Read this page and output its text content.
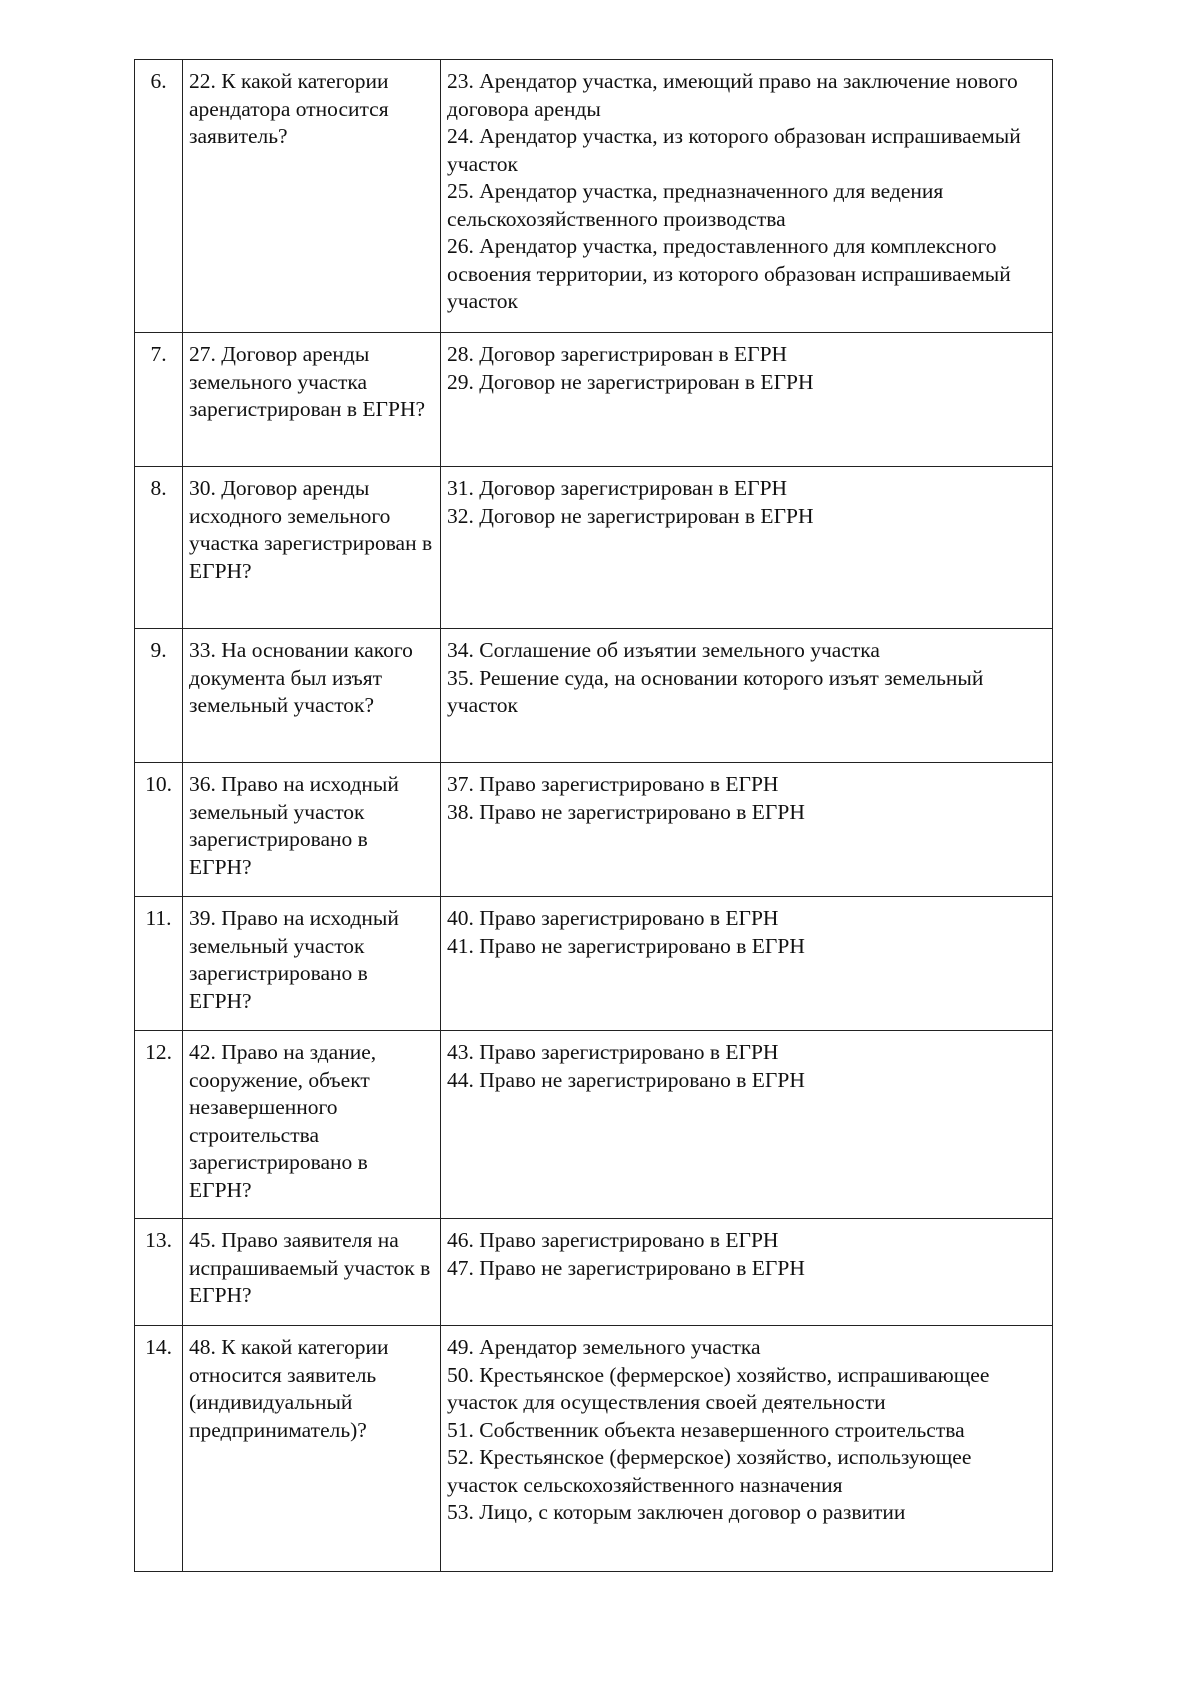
6.	22. К какой категории арендатора относится заявитель?	23. Арендатор участка, имеющий право на заключение нового договора аренды
24. Арендатор участка, из которого образован испрашиваемый участок
25. Арендатор участка, предназначенного для ведения сельскохозяйственного производства
26. Арендатор участка, предоставленного для комплексного освоения территории, из которого образован испрашиваемый участок

7.	27. Договор аренды земельного участка зарегистрирован в ЕГРН?	28. Договор зарегистрирован в ЕГРН
29. Договор не зарегистрирован в ЕГРН

8.	30. Договор аренды исходного земельного участка зарегистрирован в ЕГРН?	31. Договор зарегистрирован в ЕГРН
32. Договор не зарегистрирован в ЕГРН

9.	33. На основании какого документа был изъят земельный участок?	34. Соглашение об изъятии земельного участка
35. Решение суда, на основании которого изъят земельный участок

10.	36. Право на исходный земельный участок зарегистрировано в ЕГРН?	37. Право зарегистрировано в ЕГРН
38. Право не зарегистрировано в ЕГРН

11.	39. Право на исходный земельный участок зарегистрировано в ЕГРН?	40. Право зарегистрировано в ЕГРН
41. Право не зарегистрировано в ЕГРН

12.	42. Право на здание, сооружение, объект незавершенного строительства зарегистрировано в ЕГРН?	43. Право зарегистрировано в ЕГРН
44. Право не зарегистрировано в ЕГРН

13.	45. Право заявителя на испрашиваемый участок в ЕГРН?	46. Право зарегистрировано в ЕГРН
47. Право не зарегистрировано в ЕГРН

14.	48. К какой категории относится заявитель (индивидуальный предприниматель)?	49. Арендатор земельного участка
50. Крестьянское (фермерское) хозяйство, испрашивающее участок для осуществления своей деятельности
51. Собственник объекта незавершенного строительства
52. Крестьянское (фермерское) хозяйство, использующее участок сельскохозяйственного назначения
53. Лицо, с которым заключен договор о развитии
